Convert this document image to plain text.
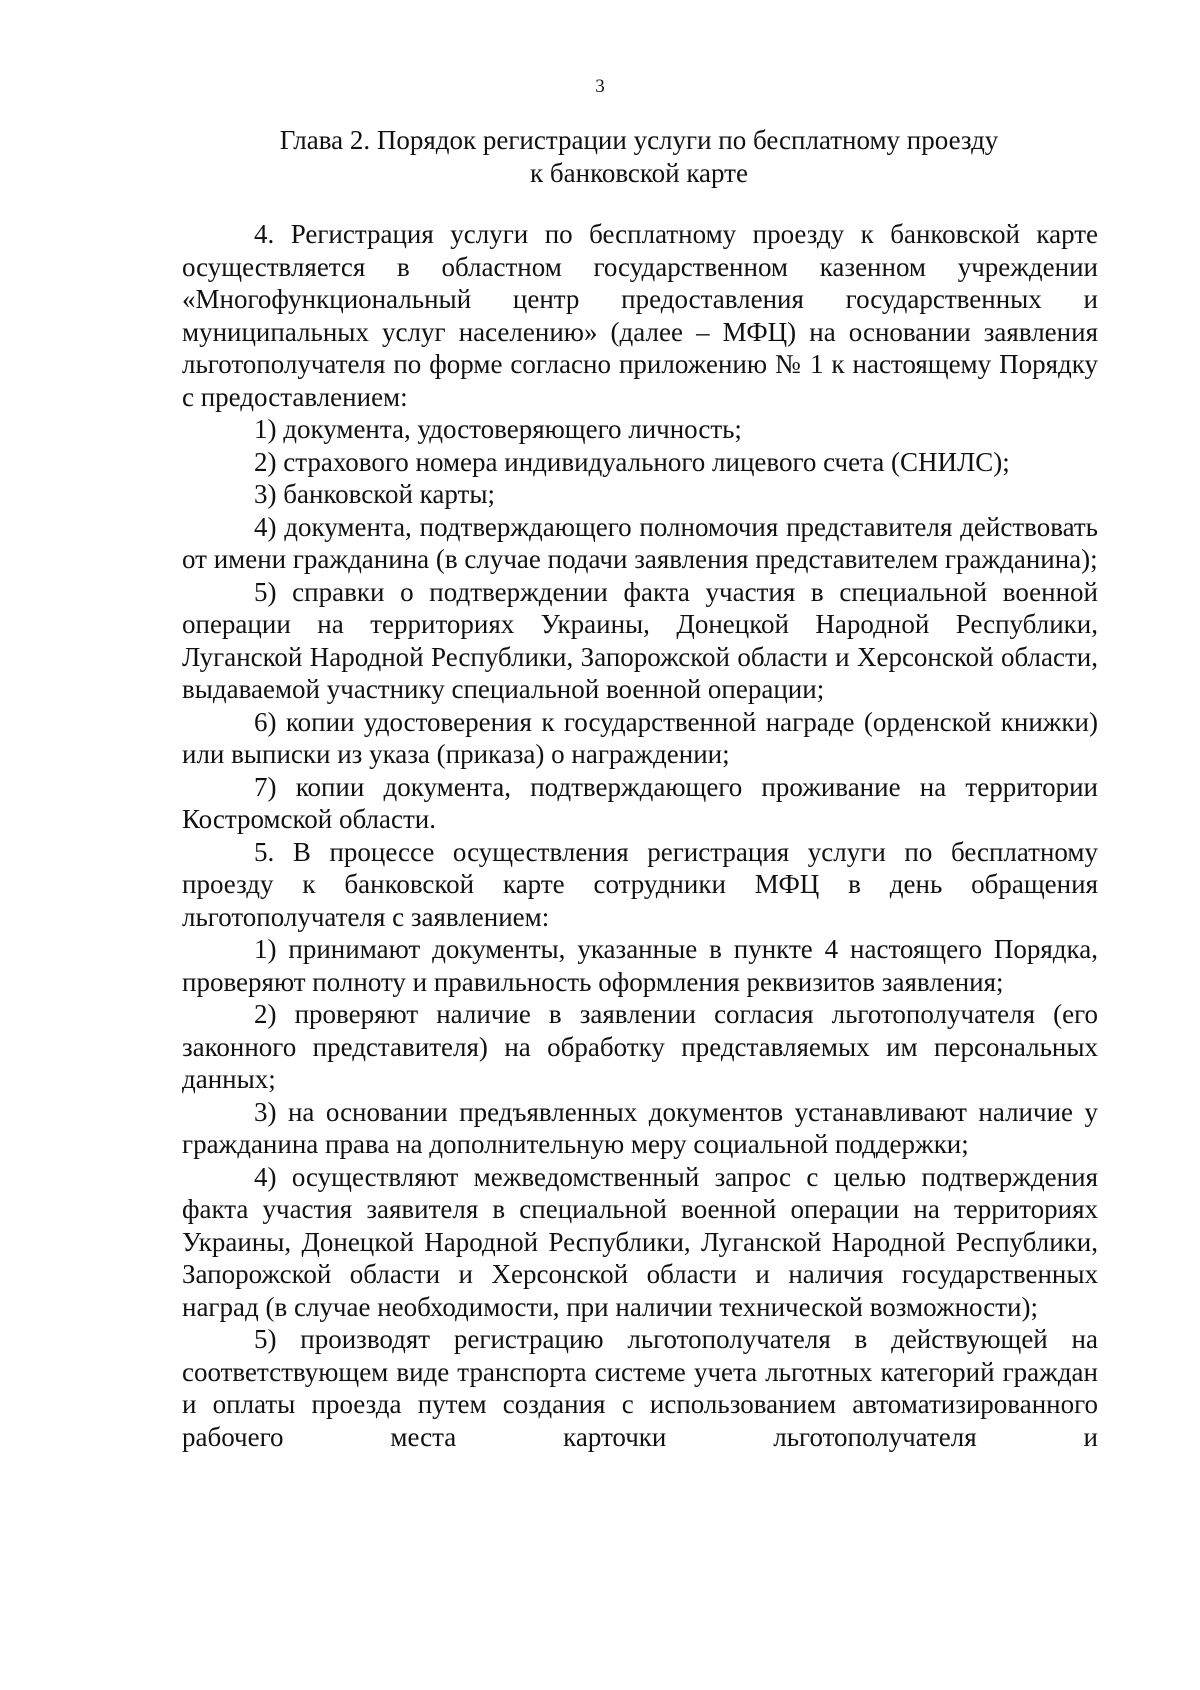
3
Глава 2. Порядок регистрации услуги по бесплатному проезду
к банковской карте

4. Регистрация услуги по бесплатному проезду к банковской карте осуществляется в областном государственном казенном учреждении «Многофункциональный центр предоставления государственных и муниципальных услуг населению» (далее – МФЦ) на основании заявления льготополучателя по форме согласно приложению № 1 к настоящему Порядку с предоставлением:

1) документа, удостоверяющего личность;

2) страхового номера индивидуального лицевого счета (СНИЛС);

3) банковской карты;

4) документа, подтверждающего полномочия представителя действовать от имени гражданина (в случае подачи заявления представителем гражданина);

5) справки о подтверждении факта участия в специальной военной операции на территориях Украины, Донецкой Народной Республики, Луганской Народной Республики, Запорожской области и Херсонской области, выдаваемой участнику специальной военной операции;

6) копии удостоверения к государственной награде (орденской книжки) или выписки из указа (приказа) о награждении;

7) копии документа, подтверждающего проживание на территории Костромской области.

5. В процессе осуществления регистрация услуги по бесплатному проезду к банковской карте сотрудники МФЦ в день обращения льготополучателя с заявлением:

1) принимают документы, указанные в пункте 4 настоящего Порядка, проверяют полноту и правильность оформления реквизитов заявления;

2) проверяют наличие в заявлении согласия льготополучателя (его законного представителя) на обработку представляемых им персональных данных;

3) на основании предъявленных документов устанавливают наличие у гражданина права на дополнительную меру социальной поддержки;

4) осуществляют межведомственный запрос с целью подтверждения факта участия заявителя в специальной военной операции на территориях Украины, Донецкой Народной Республики, Луганской Народной Республики, Запорожской области и Херсонской области и наличия государственных наград (в случае необходимости, при наличии технической возможности);

5) производят регистрацию льготополучателя в действующей на соответствующем виде транспорта системе учета льготных категорий граждан и оплаты проезда путем создания с использованием автоматизированного рабочего места карточки льготополучателя и
